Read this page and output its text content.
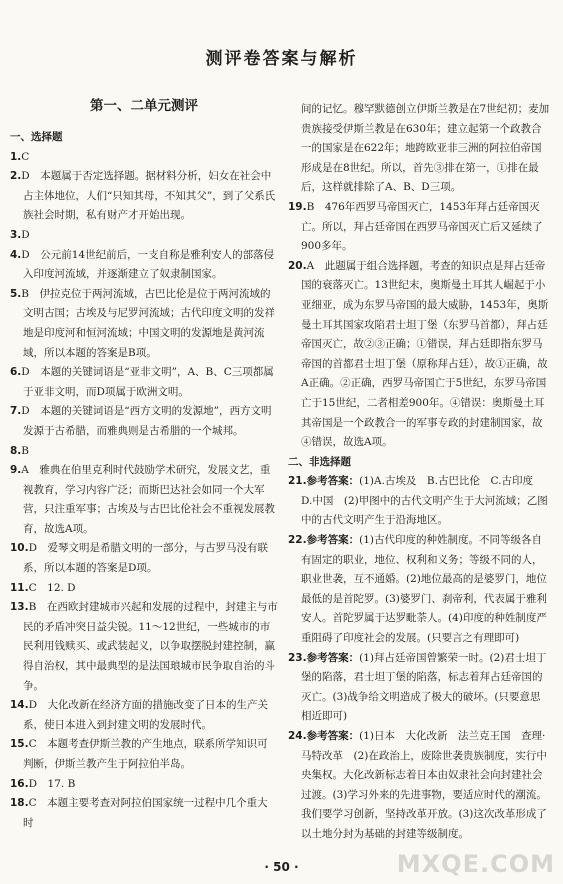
测评卷答案与解析
第一、二单元测评
一、选择题

1.C

2.D　本题属于否定选择题。据材料分析，妇女在社会中占主体地位，人们“只知其母，不知其父”，到了父系氏族社会时期，私有财产才开始出现。

3.D

4.D　公元前14世纪前后，一支自称是雅利安人的部落侵入印度河流域，并逐渐建立了奴隶制国家。

5.B　伊拉克位于两河流域，古巴比伦是位于两河流域的文明古国；古埃及与尼罗河流域；古代印度文明的发祥地是印度河和恒河流域；中国文明的发源地是黄河流域，所以本题的答案是B项。

6.D　本题的关键词语是“亚非文明”，A、B、C三项都属于亚非文明，而D项属于欧洲文明。

7.D　本题的关键词语是“西方文明的发源地”，西方文明发源于古希腊，而雅典则是古希腊的一个城邦。

8.B

9.A　雅典在伯里克利时代鼓励学术研究，发展文艺，重视教育，学习内容广泛；而斯巴达社会如同一个大军营，只注重军事；古埃及与古巴比伦社会不重视发展教育，故选A项。

10.D　爱琴文明是希腊文明的一部分，与古罗马没有联系，所以本题的答案是D项。

11.C　12. D

13.B　在西欧封建城市兴起和发展的过程中，封建主与市民的矛盾冲突日益尖锐。11～12世纪，一些城市的市民利用钱赎买、或武装起义，以争取摆脱封建控制，赢得自治权，其中最典型的是法国琅城市民争取自治的斗争。

14.D　大化改新在经济方面的措施改变了日本的生产关系，使日本进入到封建文明的发展时代。

15.C　本题考查伊斯兰教的产生地点，联系所学知识可判断，伊斯兰教产生于阿拉伯半岛。

16.D　17. B

18.C　本题主要考查对阿拉伯国家统一过程中几个重大时

间的记忆。穆罕默德创立伊斯兰教是在7世纪初；麦加贵族接受伊斯兰教是在630年；建立起第一个政教合一的国家是在622年；地跨欧亚非三洲的阿拉伯帝国形成是在8世纪。所以，首先③排在第一，①排在最后，这样就排除了A、B、D三项。

19.B　476年西罗马帝国灭亡，1453年拜占廷帝国灭亡。所以，拜占廷帝国在西罗马帝国灭亡后又延续了900多年。

20.A　此题属于组合选择题，考查的知识点是拜占廷帝国的衰落灭亡。13世纪末，奥斯曼土耳其人崛起于小亚细亚，成为东罗马帝国的最大威胁，1453年，奥斯曼土耳其国家攻陷君士坦丁堡（东罗马首都），拜占廷帝国灭亡，故②③正确；①错误，拜占廷即指东罗马帝国的首都君士坦丁堡（原称拜占廷），故①正确，故A正确。②正确，西罗马帝国亡于5世纪，东罗马帝国亡于15世纪，二者相差900年。④错误：奥斯曼土耳其帝国是一个政教合一的军事专政的封建制国家，故④错误，故选A项。

二、非选择题

21.参考答案：(1)A.古埃及　B.古巴比伦　C.古印度　D.中国　(2)甲图中的古代文明产生于大河流域；乙图中的古代文明产生于沿海地区。

22.参考答案：(1)古代印度的种姓制度。不同等级各自有固定的职业，地位、权利和义务；等级不同的人，职业世袭，互不通婚。(2)地位最高的是婆罗门，地位最低的是首陀罗。(3)婆罗门、刹帝利，代表属于雅利安人。首陀罗属于达罗毗荼人。(4)印度的种姓制度严重阻碍了印度社会的发展。(只要言之有理即可)

23.参考答案：(1)拜占廷帝国曾繁荣一时。(2)君士坦丁堡的陷落，君士坦丁堡的陷落，标志着拜占廷帝国的灭亡。(3)战争给文明造成了极大的破坏。(只要意思相近即可)

24.参考答案：(1)日本　大化改新　法兰克王国　查理·马特改革　(2)在政治上，废除世袭贵族制度，实行中央集权。大化改新标志着日本由奴隶社会向封建社会过渡。(3)学习外来的先进事物，要适应时代的潮流。我们要学习创新，坚持改革开放。(3)这次改革形成了以土地分封为基础的封建等级制度。

· 50 ·	MXQE.COM
